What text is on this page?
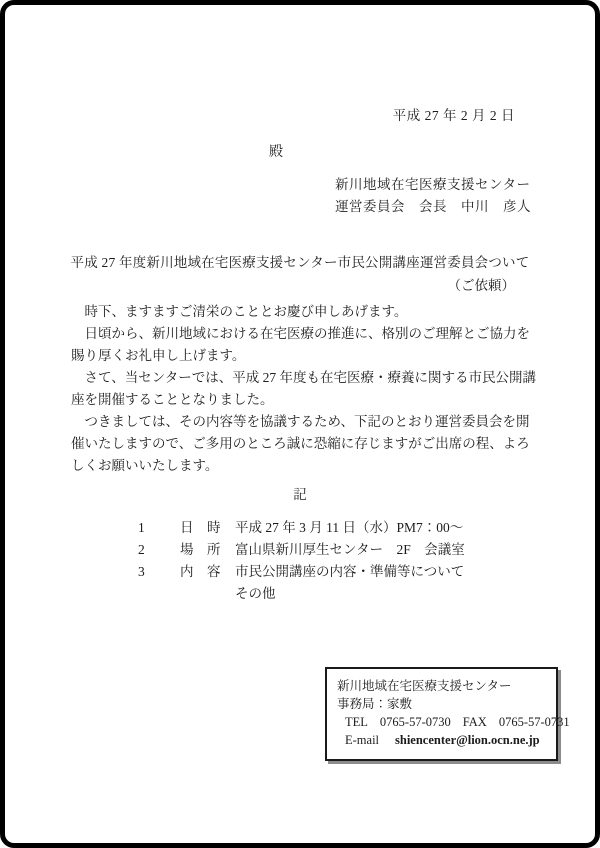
平成 27 年 2 月 2 日
殿
新川地域在宅医療支援センター
運営委員会　会長　中川　彦人
平成 27 年度新川地域在宅医療支援センター市民公開講座運営委員会ついて
（ご依頼）

時下、ますますご清栄のこととお慶び申しあげます。

日頃から、新川地域における在宅医療の推進に、格別のご理解とご協力を賜り厚くお礼申し上げます。

さて、当センターでは、平成 27 年度も在宅医療・療養に関する市民公開講座を開催することとなりました。

つきましては、その内容等を協議するため、下記のとおり運営委員会を開催いたしますので、ご多用のところ誠に恐縮に存じますがご出席の程、よろしくお願いいたします。

記
1	日　時	平成 27 年 3 月 11 日（水）PM7：00～
2	場　所	富山県新川厚生センター　2F　会議室
3	内　容	市民公開講座の内容・準備等について
その他
新川地域在宅医療支援センター
事務局：家敷
TEL 0765-57-0730 FAX 0765-57-0731
E-mail shiencenter@lion.ocn.ne.jp
